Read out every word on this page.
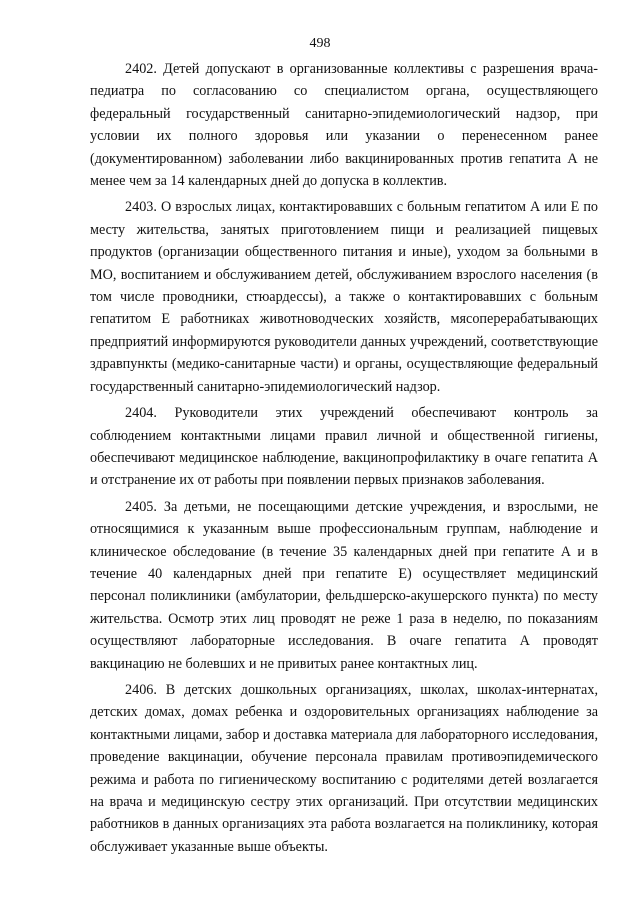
498

2402. Детей допускают в организованные коллективы с разрешения врача-педиатра по согласованию со специалистом органа, осуществляющего федеральный государственный санитарно-эпидемиологический надзор, при условии их полного здоровья или указании о перенесенном ранее (документированном) заболевании либо вакцинированных против гепатита А не менее чем за 14 календарных дней до допуска в коллектив.

2403. О взрослых лицах, контактировавших с больным гепатитом А или Е по месту жительства, занятых приготовлением пищи и реализацией пищевых продуктов (организации общественного питания и иные), уходом за больными в МО, воспитанием и обслуживанием детей, обслуживанием взрослого населения (в том числе проводники, стюардессы), а также о контактировавших с больным гепатитом Е работниках животноводческих хозяйств, мясоперерабатывающих предприятий информируются руководители данных учреждений, соответствующие здравпункты (медико-санитарные части) и органы, осуществляющие федеральный государственный санитарно-эпидемиологический надзор.

2404. Руководители этих учреждений обеспечивают контроль за соблюдением контактными лицами правил личной и общественной гигиены, обеспечивают медицинское наблюдение, вакцинопрофилактику в очаге гепатита А и отстранение их от работы при появлении первых признаков заболевания.

2405. За детьми, не посещающими детские учреждения, и взрослыми, не относящимися к указанным выше профессиональным группам, наблюдение и клиническое обследование (в течение 35 календарных дней при гепатите А и в течение 40 календарных дней при гепатите Е) осуществляет медицинский персонал поликлиники (амбулатории, фельдшерско-акушерского пункта) по месту жительства. Осмотр этих лиц проводят не реже 1 раза в неделю, по показаниям осуществляют лабораторные исследования. В очаге гепатита А проводят вакцинацию не болевших и не привитых ранее контактных лиц.

2406. В детских дошкольных организациях, школах, школах-интернатах, детских домах, домах ребенка и оздоровительных организациях наблюдение за контактными лицами, забор и доставка материала для лабораторного исследования, проведение вакцинации, обучение персонала правилам противоэпидемического режима и работа по гигиеническому воспитанию с родителями детей возлагается на врача и медицинскую сестру этих организаций. При отсутствии медицинских работников в данных организациях эта работа возлагается на поликлинику, которая обслуживает указанные выше объекты.
